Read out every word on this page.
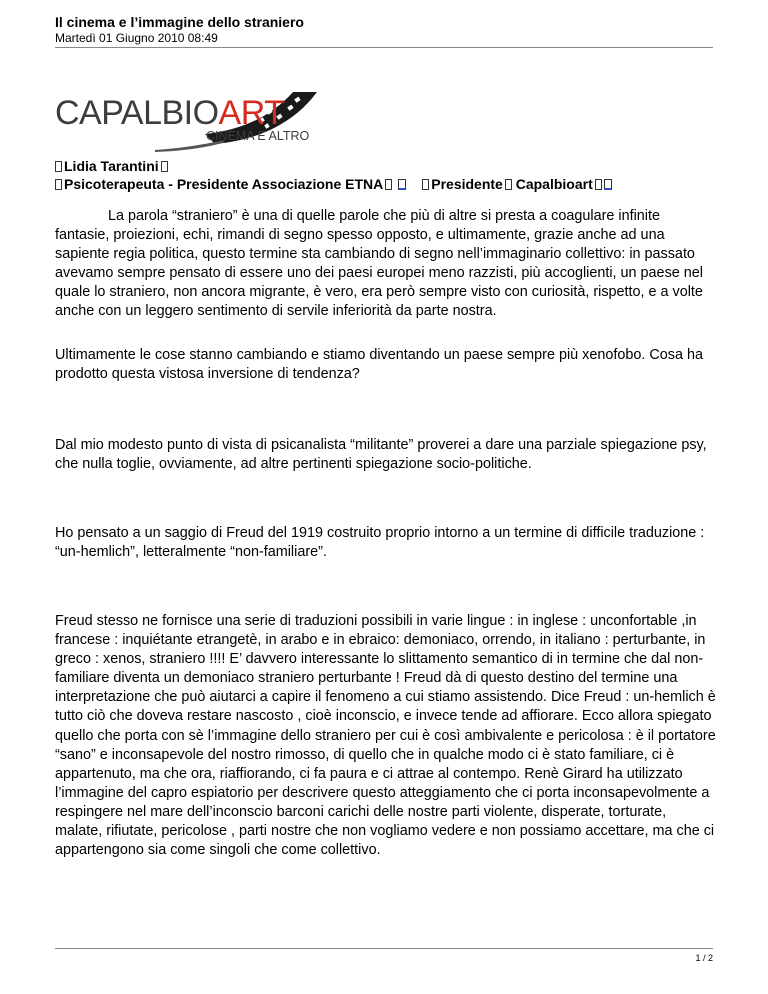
Il cinema e l’immagine dello straniero

Martedì 01 Giugno 2010 08:49

CAPALBIOART
CINEMA E ALTRO
Lidia Tarantini
Psicoterapeuta - Presidente Associazione ETNA	Presidente Capalbioart

La parola “straniero” è una di quelle parole che più di altre si presta a coagulare infinite fantasie, proiezioni, echi, rimandi di segno spesso opposto, e ultimamente, grazie anche ad una sapiente regia politica, questo termine sta cambiando di segno nell’immaginario collettivo: in passato avevamo sempre pensato di essere uno dei paesi europei meno razzisti, più accoglienti, un paese nel quale lo straniero, non ancora migrante, è vero, era però sempre visto con curiosità, rispetto, e a volte anche con un leggero sentimento di servile inferiorità da parte nostra.

Ultimamente le cose stanno cambiando e stiamo diventando un paese sempre più xenofobo. Cosa ha prodotto questa vistosa inversione di tendenza?

Dal mio modesto punto di vista di psicanalista “militante” proverei a dare una parziale spiegazione psy, che nulla toglie, ovviamente, ad altre pertinenti spiegazione socio-politiche.

Ho pensato a un saggio di Freud del 1919 costruito proprio intorno a un termine di difficile traduzione : “un-hemlich”, letteralmente “non-familiare”.

Freud stesso ne fornisce una serie di traduzioni possibili in varie lingue : in inglese : unconfortable ,in francese : inquiétante etrangetè, in arabo e in ebraico: demoniaco, orrendo, in italiano : perturbante, in greco : xenos, straniero !!!! E’ davvero interessante lo slittamento semantico di in termine che dal non-familiare diventa un demoniaco straniero perturbante ! Freud dà di questo destino del termine una interpretazione che può aiutarci a capire il fenomeno a cui stiamo assistendo. Dice Freud : un-hemlich è tutto ciò che doveva restare nascosto , cioè inconscio, e invece tende ad affiorare. Ecco allora spiegato quello che porta con sè l’immagine dello straniero per cui è così ambivalente e pericolosa : è il portatore “sano” e inconsapevole del nostro rimosso, di quello che in qualche modo ci è stato familiare, ci è appartenuto, ma che ora, riaffiorando, ci fa paura e ci attrae al contempo. Renè Girard ha utilizzato l’immagine del capro espiatorio per descrivere questo atteggiamento che ci porta inconsapevolmente a respingere nel mare dell’inconscio barconi carichi delle nostre parti violente, disperate, torturate, malate, rifiutate, pericolose , parti nostre che non vogliamo vedere e non possiamo accettare, ma che ci appartengono sia come singoli che come collettivo.

1 / 2
